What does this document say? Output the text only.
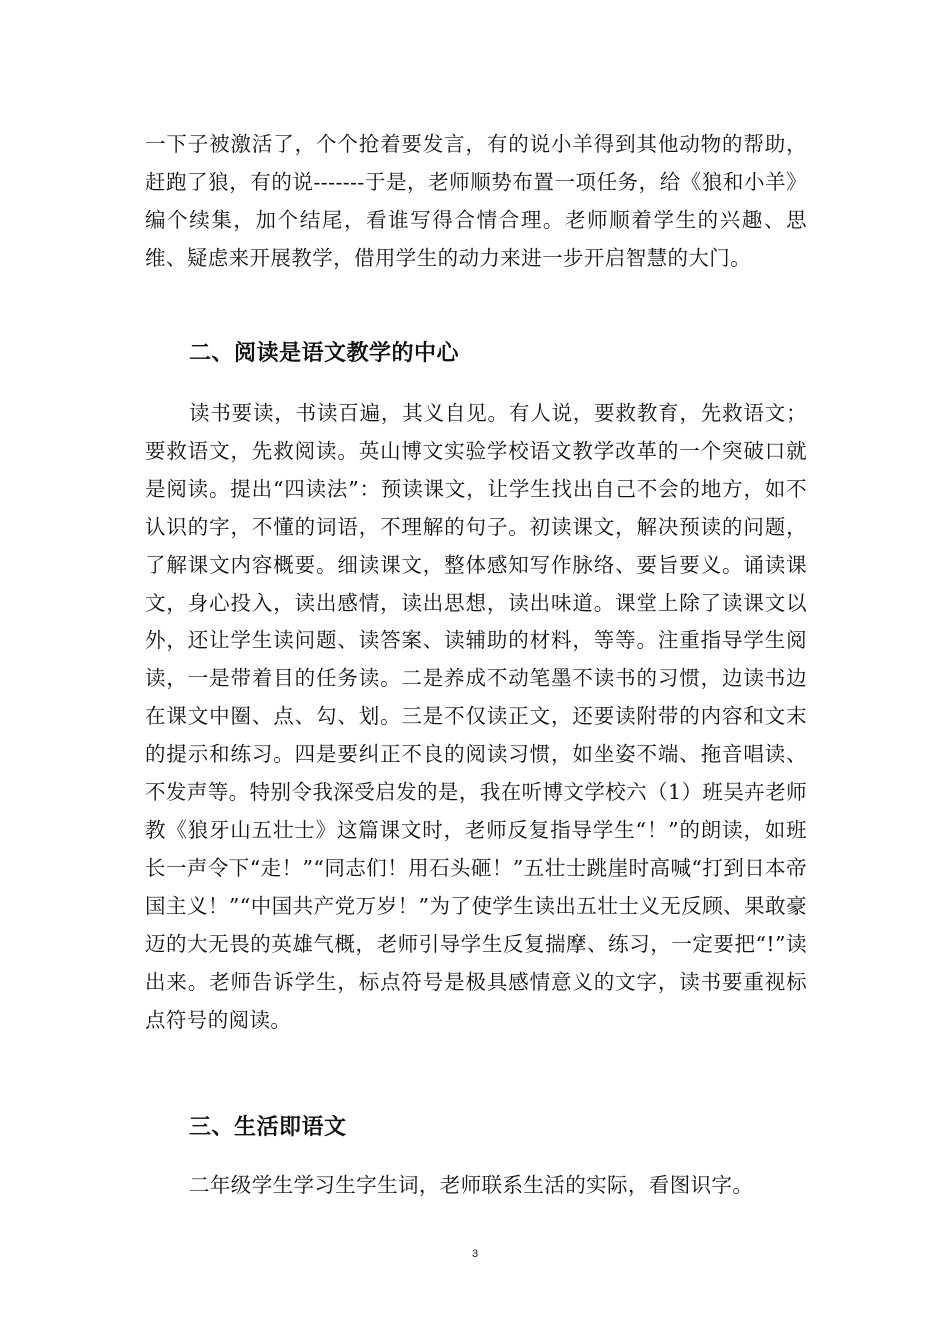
一下子被激活了，个个抢着要发言，有的说小羊得到其他动物的帮助，赶跑了狼，有的说-------于是，老师顺势布置一项任务，给《狼和小羊》编个续集，加个结尾，看谁写得合情合理。老师顺着学生的兴趣、思维、疑虑来开展教学，借用学生的动力来进一步开启智慧的大门。

二、阅读是语文教学的中心

读书要读，书读百遍，其义自见。有人说，要救教育，先救语文；要救语文，先救阅读。英山博文实验学校语文教学改革的一个突破口就是阅读。提出“四读法”：预读课文，让学生找出自己不会的地方，如不认识的字，不懂的词语，不理解的句子。初读课文，解决预读的问题，了解课文内容概要。细读课文，整体感知写作脉络、要旨要义。诵读课文，身心投入，读出感情，读出思想，读出味道。课堂上除了读课文以外，还让学生读问题、读答案、读辅助的材料，等等。注重指导学生阅读，一是带着目的任务读。二是养成不动笔墨不读书的习惯，边读书边在课文中圈、点、勾、划。三是不仅读正文，还要读附带的内容和文末的提示和练习。四是要纠正不良的阅读习惯，如坐姿不端、拖音唱读、不发声等。特别令我深受启发的是，我在听博文学校六（1）班吴卉老师教《狼牙山五壮士》这篇课文时，老师反复指导学生“！”的朗读，如班长一声令下“走！”“同志们！用石头砸！”五壮士跳崖时高喊“打到日本帝国主义！”“中国共产党万岁！”为了使学生读出五壮士义无反顾、果敢豪迈的大无畏的英雄气概，老师引导学生反复揣摩、练习，一定要把“!”读出来。老师告诉学生，标点符号是极具感情意义的文字，读书要重视标点符号的阅读。

三、生活即语文

二年级学生学习生字生词，老师联系生活的实际，看图识字。

3
